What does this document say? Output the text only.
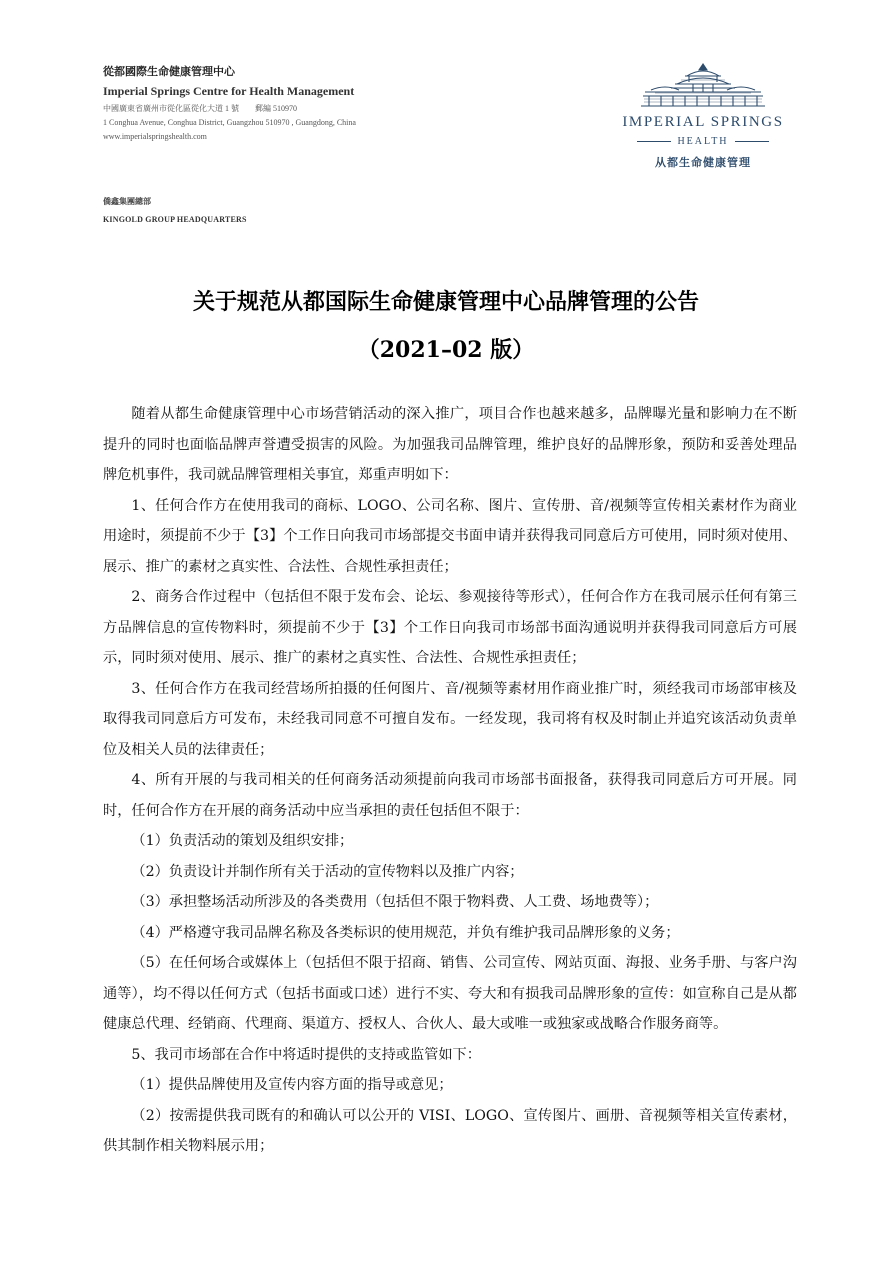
從都國際生命健康管理中心
Imperial Springs Centre for Health Management
中國廣東省廣州市從化區從化大道 1 號　　郵編 510970
1 Conghua Avenue, Conghua District, Guangzhou 510970 , Guangdong, China
www.imperialspringshealth.com
僑鑫集團總部
KINGOLD GROUP HEADQUARTERS
IMPERIAL SPRINGS
HEALTH
从都生命健康管理
关于规范从都国际生命健康管理中心品牌管理的公告
（2021–02 版）

随着从都生命健康管理中心市场营销活动的深入推广，项目合作也越来越多，品牌曝光量和影响力在不断提升的同时也面临品牌声誉遭受损害的风险。为加强我司品牌管理，维护良好的品牌形象，预防和妥善处理品牌危机事件，我司就品牌管理相关事宜，郑重声明如下：

1、任何合作方在使用我司的商标、LOGO、公司名称、图片、宣传册、音/视频等宣传相关素材作为商业用途时，须提前不少于【3】个工作日向我司市场部提交书面申请并获得我司同意后方可使用，同时须对使用、展示、推广的素材之真实性、合法性、合规性承担责任；

2、商务合作过程中（包括但不限于发布会、论坛、参观接待等形式），任何合作方在我司展示任何有第三方品牌信息的宣传物料时，须提前不少于【3】个工作日向我司市场部书面沟通说明并获得我司同意后方可展示，同时须对使用、展示、推广的素材之真实性、合法性、合规性承担责任；

3、任何合作方在我司经营场所拍摄的任何图片、音/视频等素材用作商业推广时，须经我司市场部审核及取得我司同意后方可发布，未经我司同意不可擅自发布。一经发现，我司将有权及时制止并追究该活动负责单位及相关人员的法律责任；

4、所有开展的与我司相关的任何商务活动须提前向我司市场部书面报备，获得我司同意后方可开展。同时，任何合作方在开展的商务活动中应当承担的责任包括但不限于：

（1）负责活动的策划及组织安排；

（2）负责设计并制作所有关于活动的宣传物料以及推广内容；

（3）承担整场活动所涉及的各类费用（包括但不限于物料费、人工费、场地费等）；

（4）严格遵守我司品牌名称及各类标识的使用规范，并负有维护我司品牌形象的义务；

（5）在任何场合或媒体上（包括但不限于招商、销售、公司宣传、网站页面、海报、业务手册、与客户沟通等），均不得以任何方式（包括书面或口述）进行不实、夸大和有损我司品牌形象的宣传：如宣称自己是从都健康总代理、经销商、代理商、渠道方、授权人、合伙人、最大或唯一或独家或战略合作服务商等。

5、我司市场部在合作中将适时提供的支持或监管如下：

（1）提供品牌使用及宣传内容方面的指导或意见；

（2）按需提供我司既有的和确认可以公开的 VISI、LOGO、宣传图片、画册、音视频等相关宣传素材，供其制作相关物料展示用；
